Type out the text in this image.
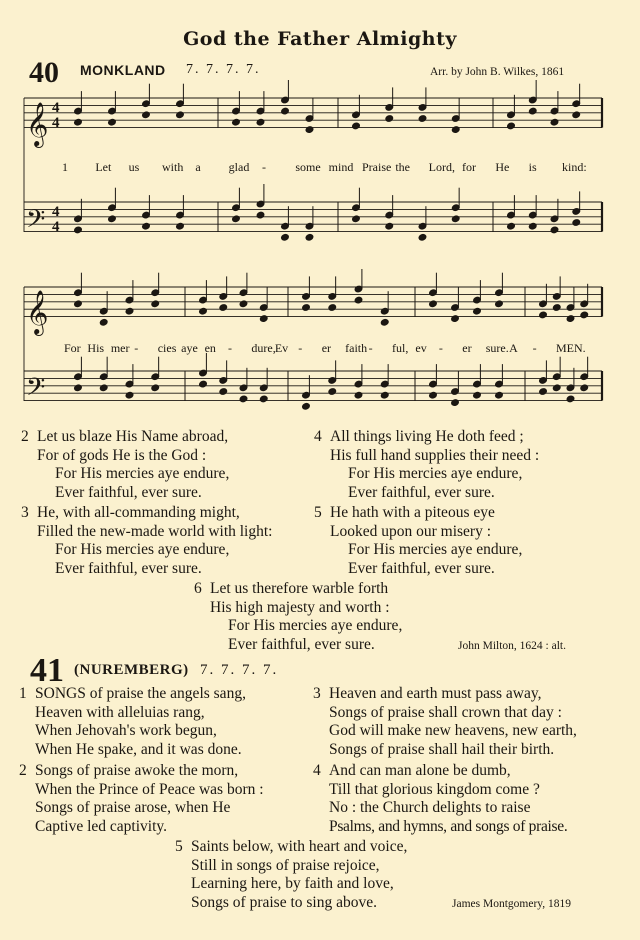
God the Father Almighty
40 MONKLAND 7. 7. 7. 7.	Arr. by John B. Wilkes, 1861
𝄞
𝄢
𝄞
𝄢
4
4
4
4
1 Let us with a glad - some mind Praise the Lord, for He is kind:
For His mer - cies aye en - dure, Ev - er faith - ful, ev - er sure. A - MEN.
2 Let us blaze His Name abroad,
For of gods He is the God :
For His mercies aye endure,
Ever faithful, ever sure.
4 All things living He doth feed ;
His full hand supplies their need :
For His mercies aye endure,
Ever faithful, ever sure.
3 He, with all-commanding might,
Filled the new-made world with light:
For His mercies aye endure,
Ever faithful, ever sure.
5 He hath with a piteous eye
Looked upon our misery :
For His mercies aye endure,
Ever faithful, ever sure.
6 Let us therefore warble forth
His high majesty and worth :
For His mercies aye endure,
Ever faithful, ever sure.	John Milton, 1624 : alt.
41 (NUREMBERG) 7. 7. 7. 7.
1 SONGS of praise the angels sang,
Heaven with alleluias rang,
When Jehovah's work begun,
When He spake, and it was done.
3 Heaven and earth must pass away,
Songs of praise shall crown that day :
God will make new heavens, new earth,
Songs of praise shall hail their birth.
2 Songs of praise awoke the morn,
When the Prince of Peace was born :
Songs of praise arose, when He
Captive led captivity.
4 And can man alone be dumb,
Till that glorious kingdom come ?
No : the Church delights to raise
Psalms, and hymns, and songs of praise.
5 Saints below, with heart and voice,
Still in songs of praise rejoice,
Learning here, by faith and love,
Songs of praise to sing above.	James Montgomery, 1819
